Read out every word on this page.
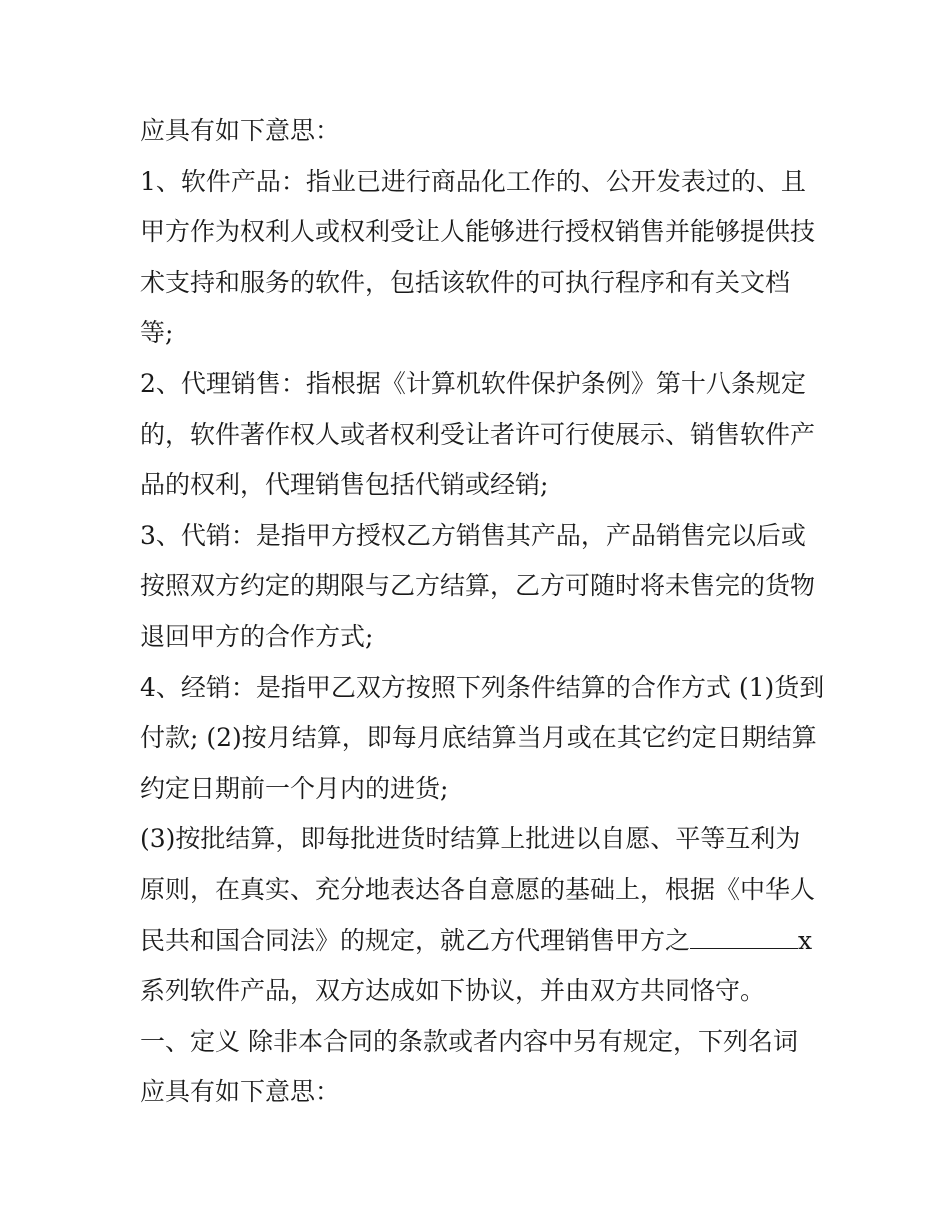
应具有如下意思：

1、软件产品：指业已进行商品化工作的、公开发表过的、且

甲方作为权利人或权利受让人能够进行授权销售并能够提供技

术支持和服务的软件，包括该软件的可执行程序和有关文档

等;

2、代理销售：指根据《计算机软件保护条例》第十八条规定

的，软件著作权人或者权利受让者许可行使展示、销售软件产

品的权利，代理销售包括代销或经销;

3、代销：是指甲方授权乙方销售其产品，产品销售完以后或

按照双方约定的期限与乙方结算，乙方可随时将未售完的货物

退回甲方的合作方式;

4、经销：是指甲乙双方按照下列条件结算的合作方式 (1)货到

付款; (2)按月结算，即每月底结算当月或在其它约定日期结算

约定日期前一个月内的进货;

(3)按批结算，即每批进货时结算上批进以自愿、平等互利为

原则，在真实、充分地表达各自意愿的基础上，根据《中华人

民共和国合同法》的规定，就乙方代理销售甲方之	x

系列软件产品，双方达成如下协议，并由双方共同恪守。

一、定义 除非本合同的条款或者内容中另有规定，下列名词

应具有如下意思：
